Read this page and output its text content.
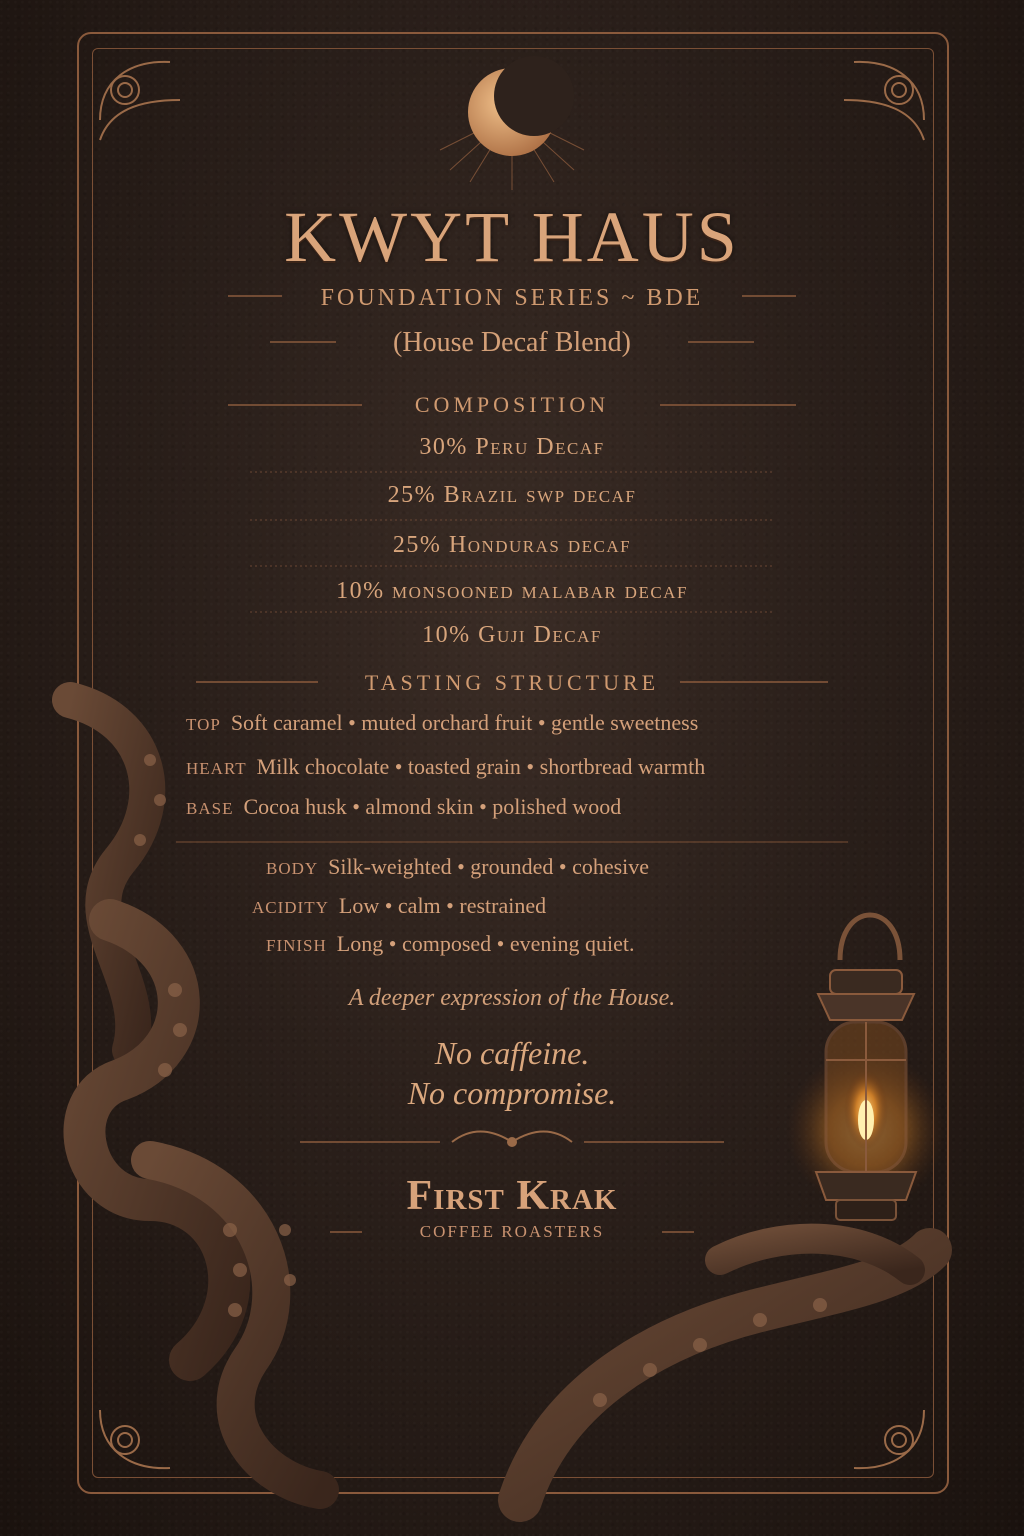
KWYT HAUS
FOUNDATION SERIES ~ BDE
(House Decaf Blend)
COMPOSITION
30% Peru Decaf
25% Brazil swp decaf
25% Honduras decaf
10% monsooned malabar decaf
10% Guji Decaf
TASTING STRUCTURE
TOP Soft caramel • muted orchard fruit • gentle sweetness
HEART Milk chocolate • toasted grain • shortbread warmth
BASE Cocoa husk • almond skin • polished wood
BODY Silk-weighted • grounded • cohesive
ACIDITY Low • calm • restrained
FINISH Long • composed • evening quiet.
A deeper expression of the House.
No caffeine.
No compromise.
First Krak
COFFEE ROASTERS
